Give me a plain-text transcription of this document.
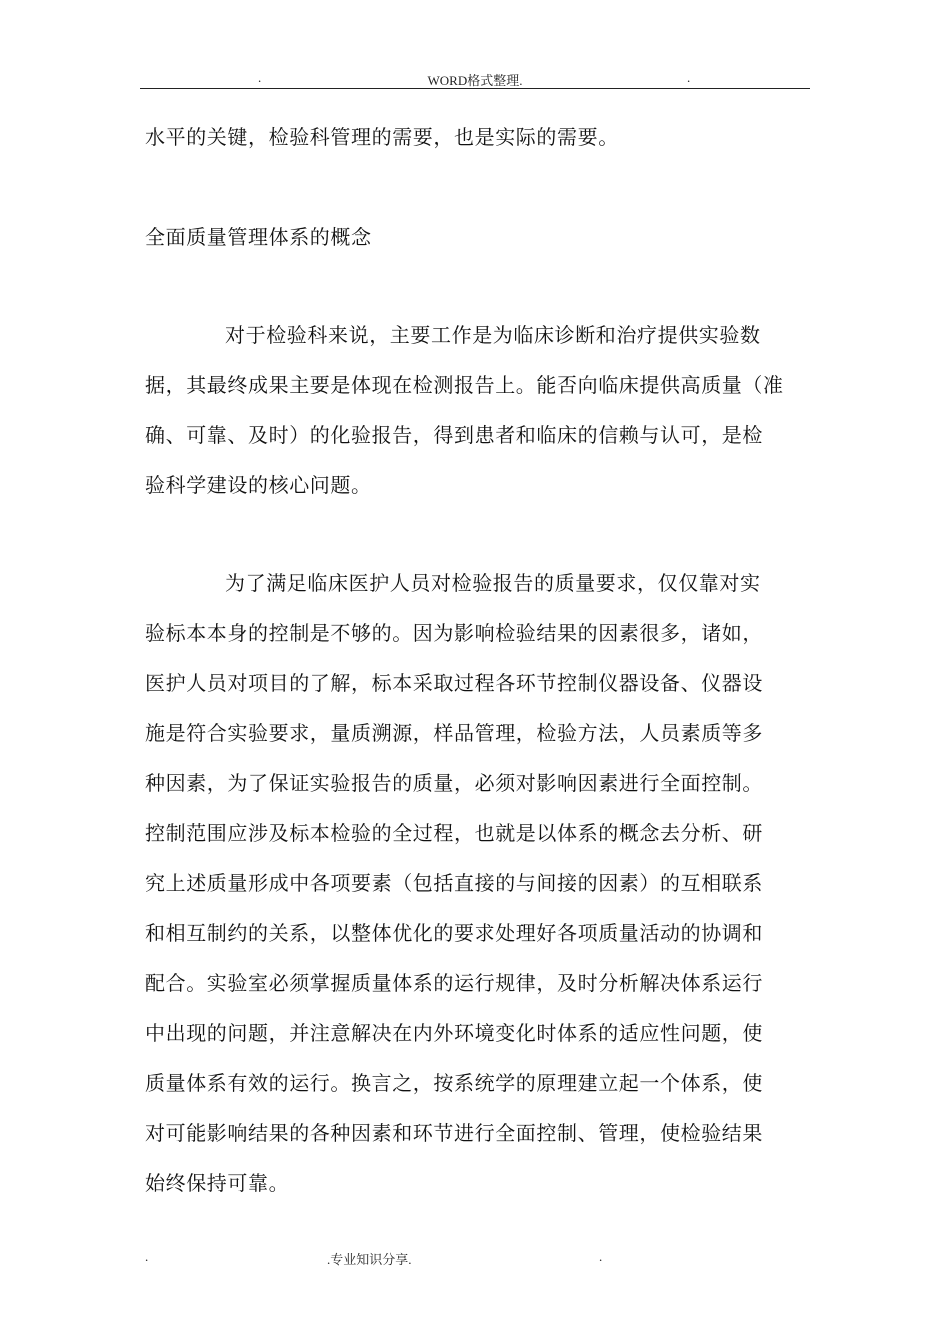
.	WORD格式整理.	.
水平的关键，检验科管理的需要，也是实际的需要。
全面质量管理体系的概念
对于检验科来说，主要工作是为临床诊断和治疗提供实验数
据，其最终成果主要是体现在检测报告上。能否向临床提供高质量（准
确、可靠、及时）的化验报告，得到患者和临床的信赖与认可，是检
验科学建设的核心问题。
为了满足临床医护人员对检验报告的质量要求，仅仅靠对实
验标本本身的控制是不够的。因为影响检验结果的因素很多，诸如，
医护人员对项目的了解，标本采取过程各环节控制仪器设备、仪器设
施是符合实验要求，量质溯源，样品管理，检验方法，人员素质等多
种因素，为了保证实验报告的质量，必须对影响因素进行全面控制。
控制范围应涉及标本检验的全过程，也就是以体系的概念去分析、研
究上述质量形成中各项要素（包括直接的与间接的因素）的互相联系
和相互制约的关系，以整体优化的要求处理好各项质量活动的协调和
配合。实验室必须掌握质量体系的运行规律，及时分析解决体系运行
中出现的问题，并注意解决在内外环境变化时体系的适应性问题，使
质量体系有效的运行。换言之，按系统学的原理建立起一个体系，使
对可能影响结果的各种因素和环节进行全面控制、管理，使检验结果
始终保持可靠。
.	.专业知识分享.	.
